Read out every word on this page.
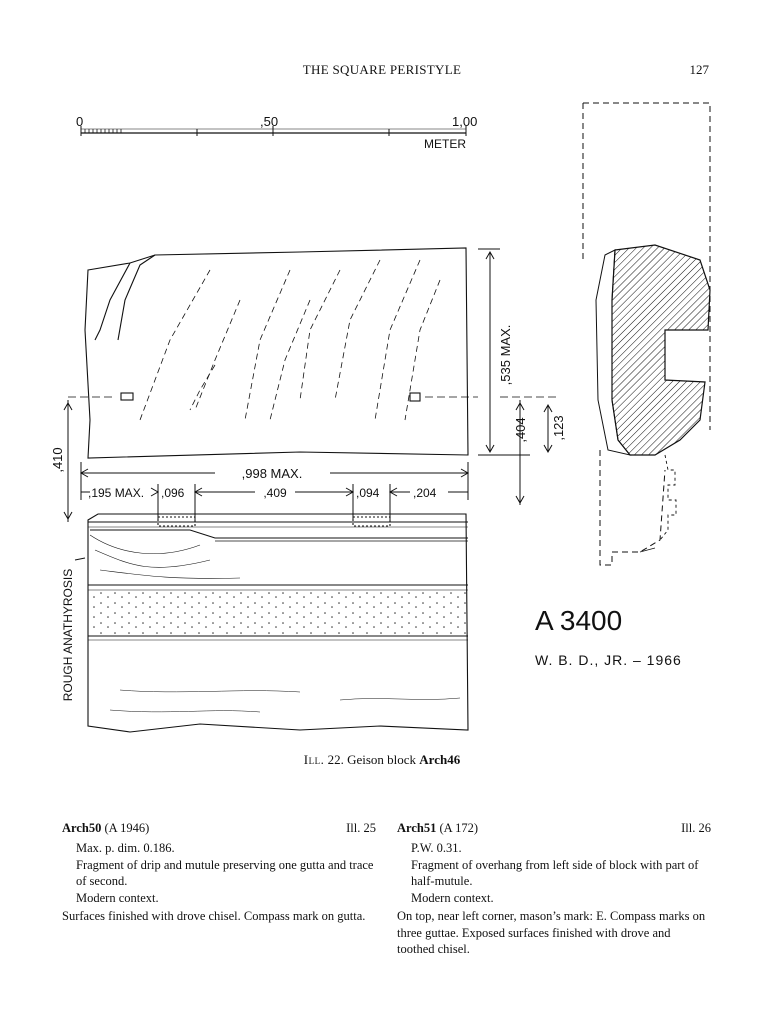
THE SQUARE PERISTYLE	127
0	,50	1,00
METER
,535 MAX.
,404 ,123
,410
,998 MAX.
,195 MAX. ,096	,409	,094	,204
ROUGH ANATHYROSIS	A 3400
W. B. D., JR. – 1966
Ill. 22. Geison block Arch46
Arch50 (A 1946)	Ill. 25
Max. p. dim. 0.186.
Fragment of drip and mutule preserving one gutta and trace of second.
Modern context.
Surfaces finished with drove chisel. Compass mark on gutta.
Arch51 (A 172)	Ill. 26
P.W. 0.31.
Fragment of overhang from left side of block with part of half-mutule.
Modern context.
On top, near left corner, mason’s mark: E. Compass marks on three guttae. Exposed surfaces finished with drove and toothed chisel.
